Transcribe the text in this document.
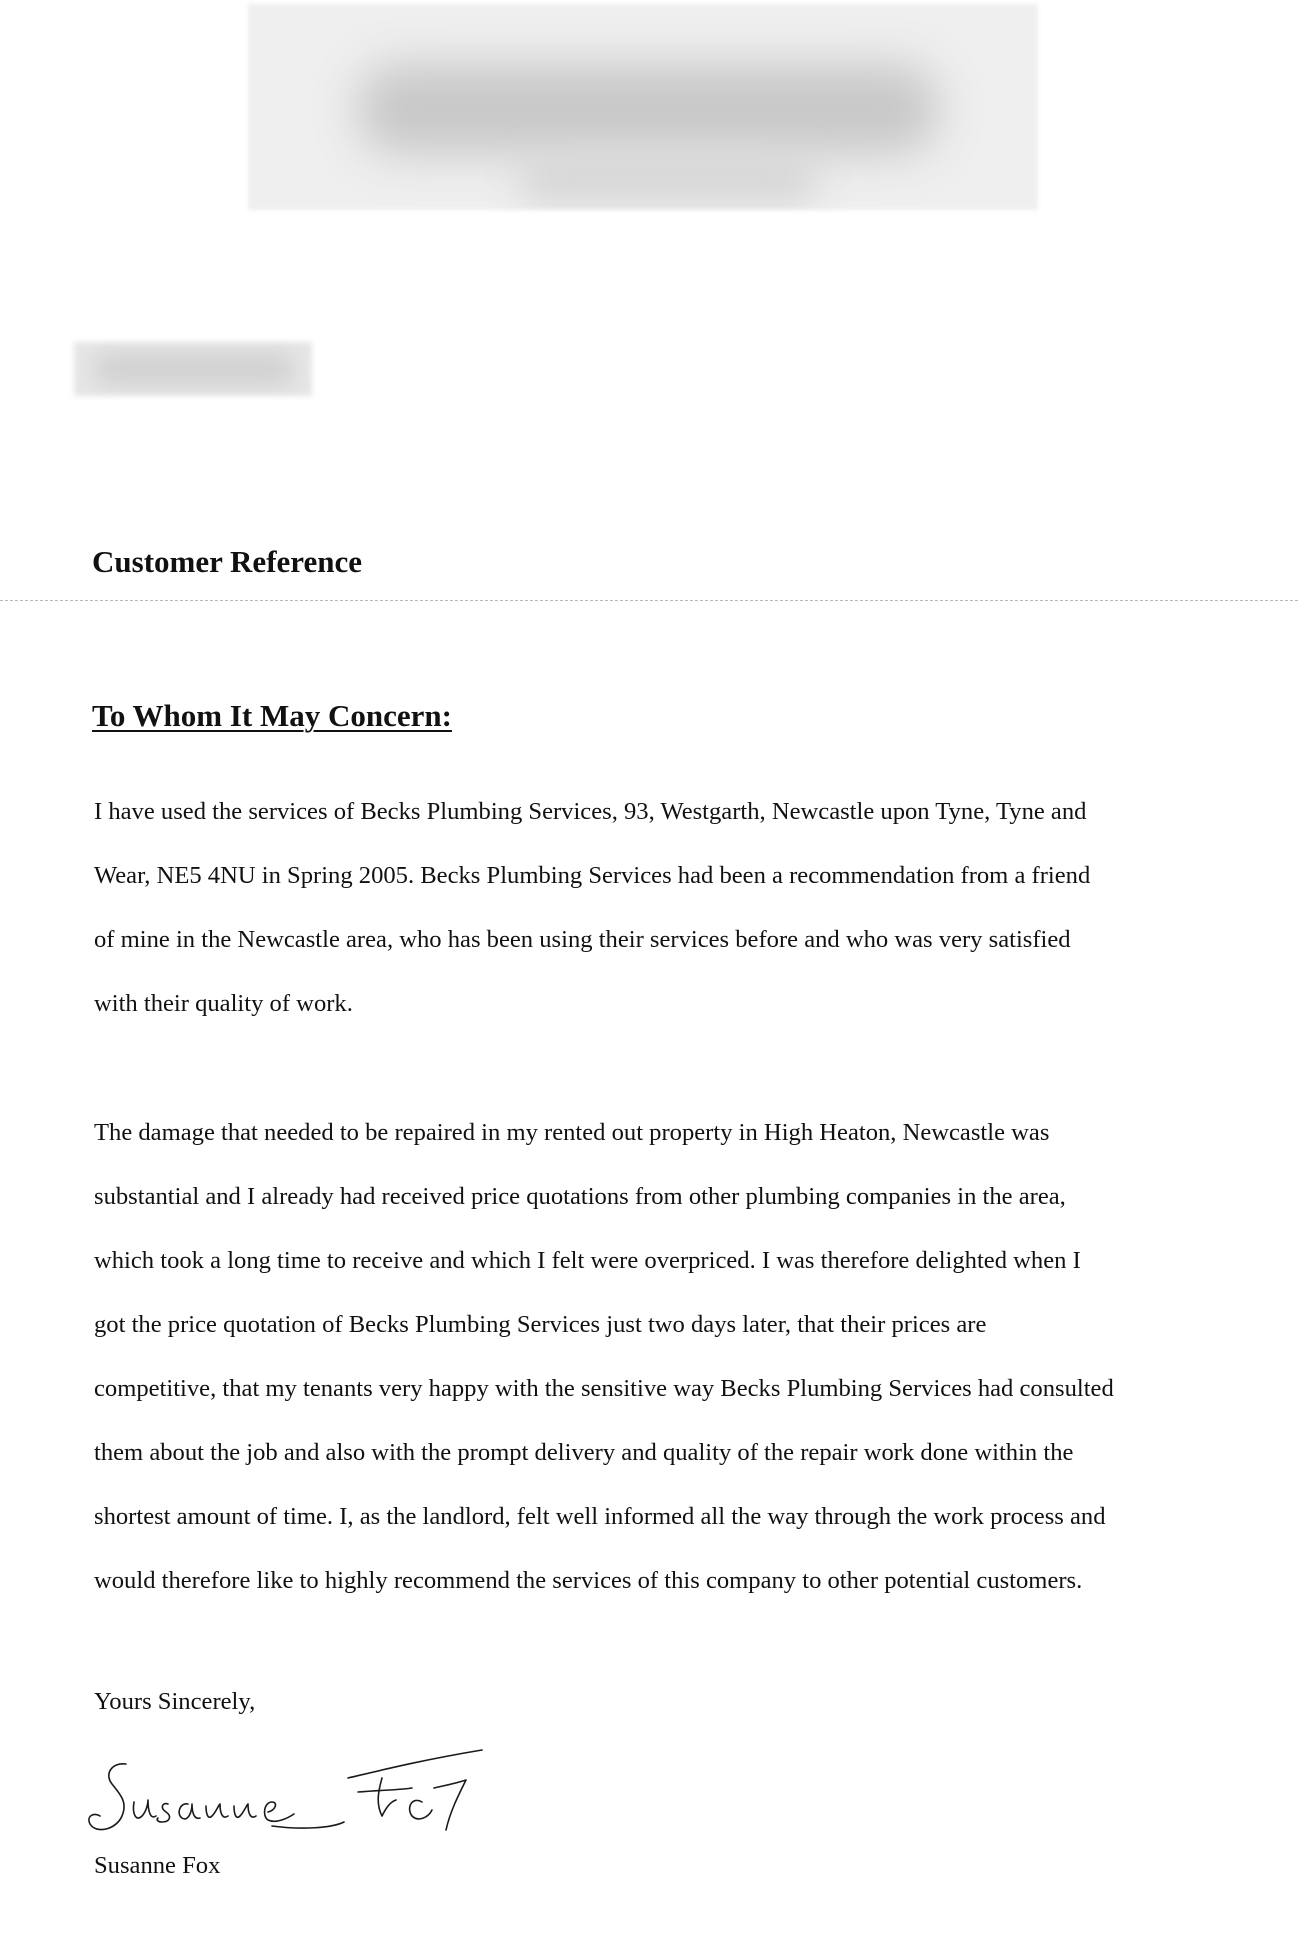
Customer Reference
To Whom It May Concern:

I have used the services of Becks Plumbing Services, 93, Westgarth, Newcastle upon Tyne, Tyne and
Wear, NE5 4NU in Spring 2005. Becks Plumbing Services had been a recommendation from a friend
of mine in the Newcastle area, who has been using their services before and who was very satisfied
with their quality of work.

The damage that needed to be repaired in my rented out property in High Heaton, Newcastle was
substantial and I already had received price quotations from other plumbing companies in the area,
which took a long time to receive and which I felt were overpriced. I was therefore delighted when I
got the price quotation of Becks Plumbing Services just two days later, that their prices are
competitive, that my tenants very happy with the sensitive way Becks Plumbing Services had consulted
them about the job and also with the prompt delivery and quality of the repair work done within the
shortest amount of time. I, as the landlord, felt well informed all the way through the work process and
would therefore like to highly recommend the services of this company to other potential customers.

Yours Sincerely,

Susanne Fox
